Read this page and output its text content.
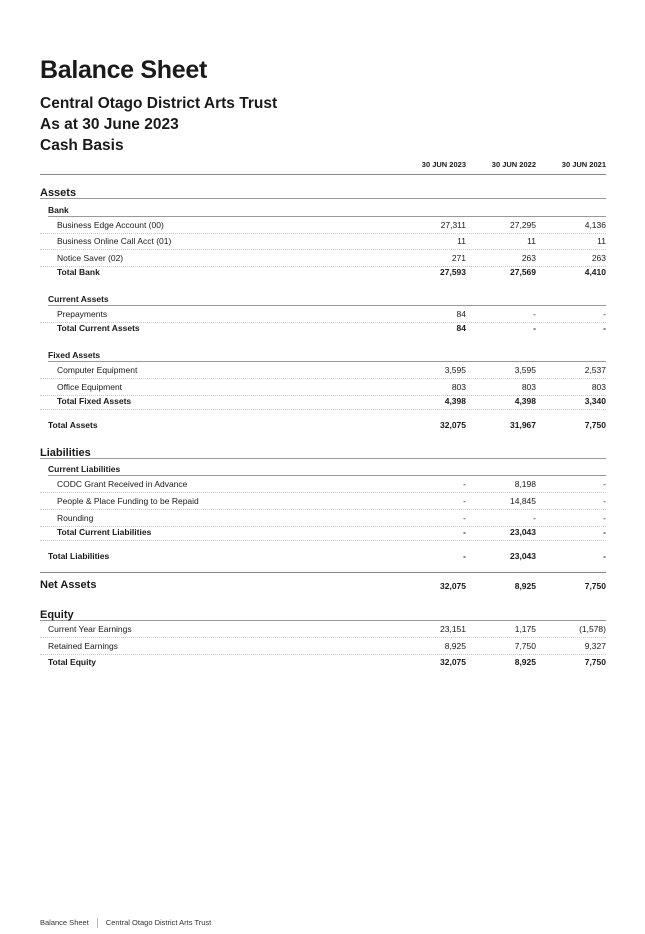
Balance Sheet
Central Otago District Arts Trust
As at 30 June 2023
Cash Basis
30 JUN 2023	30 JUN 2022	30 JUN 2021
Assets
Bank
Business Edge Account (00)	27,311	27,295	4,136
Business Online Call Acct (01)	11	11	11
Notice Saver (02)	271	263	263
Total Bank	27,593	27,569	4,410
Current Assets
Prepayments	84	-	-
Total Current Assets	84	-	-
Fixed Assets
Computer Equipment	3,595	3,595	2,537
Office Equipment	803	803	803
Total Fixed Assets	4,398	4,398	3,340
Total Assets	32,075	31,967	7,750
Liabilities
Current Liabilities
CODC Grant Received in Advance	-	8,198	-
People & Place Funding to be Repaid	-	14,845	-
Rounding	-	-	-
Total Current Liabilities	-	23,043	-
Total Liabilities	-	23,043	-
Net Assets	32,075	8,925	7,750
Equity
Current Year Earnings	23,151	1,175	(1,578)
Retained Earnings	8,925	7,750	9,327
Total Equity	32,075	8,925	7,750
Balance Sheet Central Otago District Arts Trust
